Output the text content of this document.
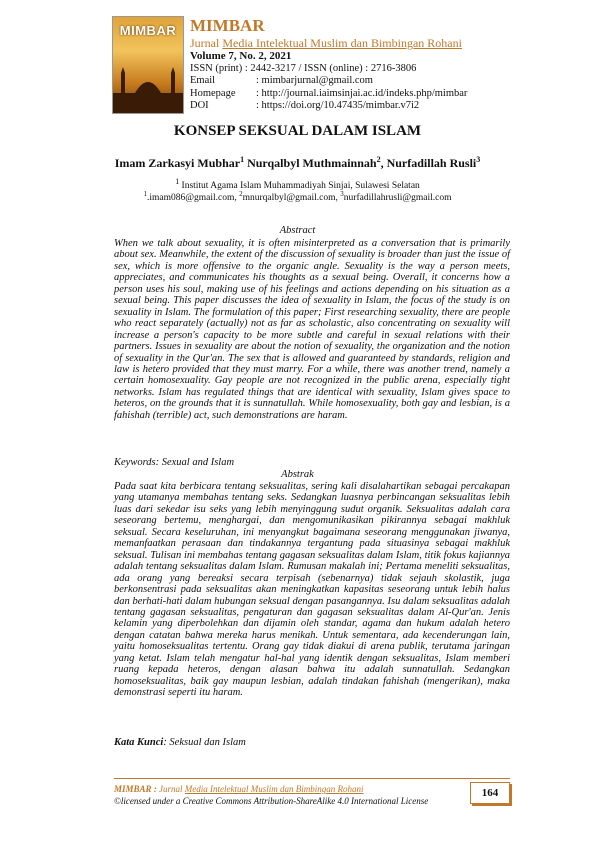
MIMBAR MIMBAR
Jurnal Media Intelektual Muslim dan Bimbingan Rohani
Volume 7, No. 2, 2021
ISSN (print) : 2442-3217 / ISSN (online) : 2716-3806
Email	: mimbarjurnal@gmail.com
Homepage	: http://journal.iaimsinjai.ac.id/indeks.php/mimbar
DOI	: https://doi.org/10.47435/mimbar.v7i2
KONSEP SEKSUAL DALAM ISLAM
Imam Zarkasyi Mubhar$^1$ Nurqalbyl Muthmainnah$^2$, Nurfadillah Rusli$^3$
$^1$ Institut Agama Islam Muhammadiyah Sinjai, Sulawesi Selatan
$^1$.imam086@gmail.com, $^2$mnurqalbyl@gmail.com, $^3$nurfadillahrusli@gmail.com
Abstract
When we talk about sexuality, it is often misinterpreted as a conversation that is primarily about sex. Meanwhile, the extent of the discussion of sexuality is broader than just the issue of sex, which is more offensive to the organic angle. Sexuality is the way a person meets, appreciates, and communicates his thoughts as a sexual being. Overall, it concerns how a person uses his soul, making use of his feelings and actions depending on his situation as a sexual being. This paper discusses the idea of sexuality in Islam, the focus of the study is on sexuality in Islam. The formulation of this paper; First researching sexuality, there are people who react separately (actually) not as far as scholastic, also concentrating on sexuality will increase a person's capacity to be more subtle and careful in sexual relations with their partners. Issues in sexuality are about the notion of sexuality, the organization and the notion of sexuality in the Qur'an. The sex that is allowed and guaranteed by standards, religion and law is hetero provided that they must marry. For a while, there was another trend, namely a certain homosexuality. Gay people are not recognized in the public arena, especially tight networks. Islam has regulated things that are identical with sexuality, Islam gives space to heteros, on the grounds that it is sunnatullah. While homosexuality, both gay and lesbian, is a fahishah (terrible) act, such demonstrations are haram.
Keywords: Sexual and Islam
Abstrak
Pada saat kita berbicara tentang seksualitas, sering kali disalahartikan sebagai percakapan yang utamanya membahas tentang seks. Sedangkan luasnya perbincangan seksualitas lebih luas dari sekedar isu seks yang lebih menyinggung sudut organik. Seksualitas adalah cara seseorang bertemu, menghargai, dan mengomunikasikan pikirannya sebagai makhluk seksual. Secara keseluruhan, ini menyangkut bagaimana seseorang menggunakan jiwanya, memanfaatkan perasaan dan tindakannya tergantung pada situasinya sebagai makhluk seksual. Tulisan ini membahas tentang gagasan seksualitas dalam Islam, titik fokus kajiannya adalah tentang seksualitas dalam Islam. Rumusan makalah ini; Pertama meneliti seksualitas, ada orang yang bereaksi secara terpisah (sebenarnya) tidak sejauh skolastik, juga berkonsentrasi pada seksualitas akan meningkatkan kapasitas seseorang untuk lebih halus dan berhati-hati dalam hubungan seksual dengan pasangannya. Isu dalam seksualitas adalah tentang gagasan seksualitas, pengaturan dan gagasan seksualitas dalam Al-Qur'an. Jenis kelamin yang diperbolehkan dan dijamin oleh standar, agama dan hukum adalah hetero dengan catatan bahwa mereka harus menikah. Untuk sementara, ada kecenderungan lain, yaitu homoseksualitas tertentu. Orang gay tidak diakui di arena publik, terutama jaringan yang ketat. Islam telah mengatur hal-hal yang identik dengan seksualitas, Islam memberi ruang kepada heteros, dengan alasan bahwa itu adalah sunnatullah. Sedangkan homoseksualitas, baik gay maupun lesbian, adalah tindakan fahishah (mengerikan), maka demonstrasi seperti itu haram.
Kata Kunci: Seksual dan Islam
MIMBAR : Jurnal Media Intelektual Muslim dan Bimbingan Rohani
©licensed under a Creative Commons Attribution-ShareAlike 4.0 International License
164
